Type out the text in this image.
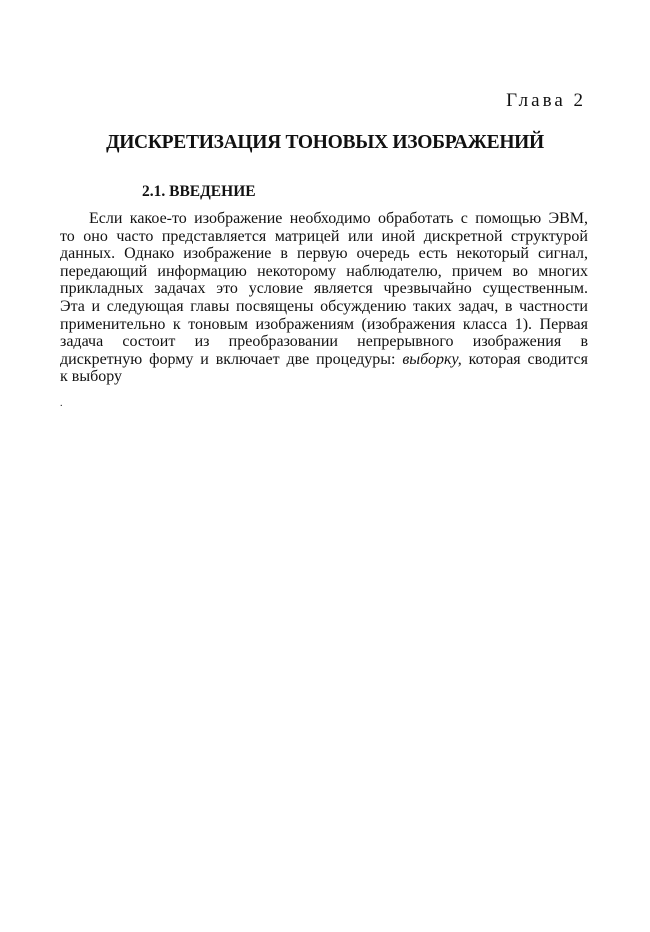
Глава 2
ДИСКРЕТИЗАЦИЯ ТОНОВЫХ ИЗОБРАЖЕНИЙ
2.1. ВВЕДЕНИЕ
Если какое-то изображение необходимо обработать с помощью ЭВМ,
то оно часто представляется матрицей или иной дискретной структурой
данных. Однако изображение в первую очередь есть некоторый сигнал,
передающий информацию некоторому наблюдателю, причем во многих
прикладных задачах это условие является чрезвычайно существенным.
Эта и следующая главы посвящены обсуждению таких задач, в частности
применительно к тоновым изображениям (изображения класса 1). Первая
задача состоит из преобразовании непрерывного изображения в
дискретную форму и включает две процедуры: выборку, которая сводится
к выбору
.
